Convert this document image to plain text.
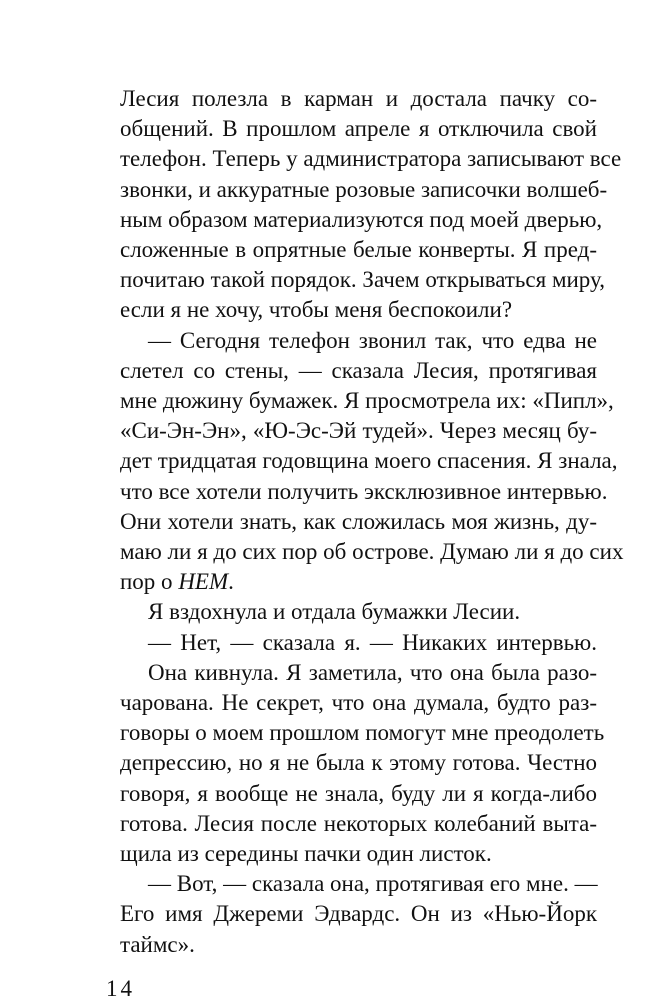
Лесия полезла в карман и достала пачку со-
общений. В прошлом апреле я отключила свой
телефон. Теперь у администратора записывают все
звонки, и аккуратные розовые записочки волшеб-
ным образом материализуются под моей дверью,
сложенные в опрятные белые конверты. Я пред-
почитаю такой порядок. Зачем открываться миру,
если я не хочу, чтобы меня беспокоили?
— Сегодня телефон звонил так, что едва не
слетел со стены, — сказала Лесия, протягивая
мне дюжину бумажек. Я просмотрела их: «Пипл»,
«Си-Эн-Эн», «Ю-Эс-Эй тудей». Через месяц бу-
дет тридцатая годовщина моего спасения. Я знала,
что все хотели получить эксклюзивное интервью.
Они хотели знать, как сложилась моя жизнь, ду-
маю ли я до сих пор об острове. Думаю ли я до сих
пор о НЕМ.
Я вздохнула и отдала бумажки Лесии.
— Нет, — сказала я. — Никаких интервью.
Она кивнула. Я заметила, что она была разо-
чарована. Не секрет, что она думала, будто раз-
говоры о моем прошлом помогут мне преодолеть
депрессию, но я не была к этому готова. Честно
говоря, я вообще не знала, буду ли я когда-либо
готова. Лесия после некоторых колебаний выта-
щила из середины пачки один листок.
— Вот, — сказала она, протягивая его мне. —
Его имя Джереми Эдвардс. Он из «Нью-Йорк
таймс».
14
